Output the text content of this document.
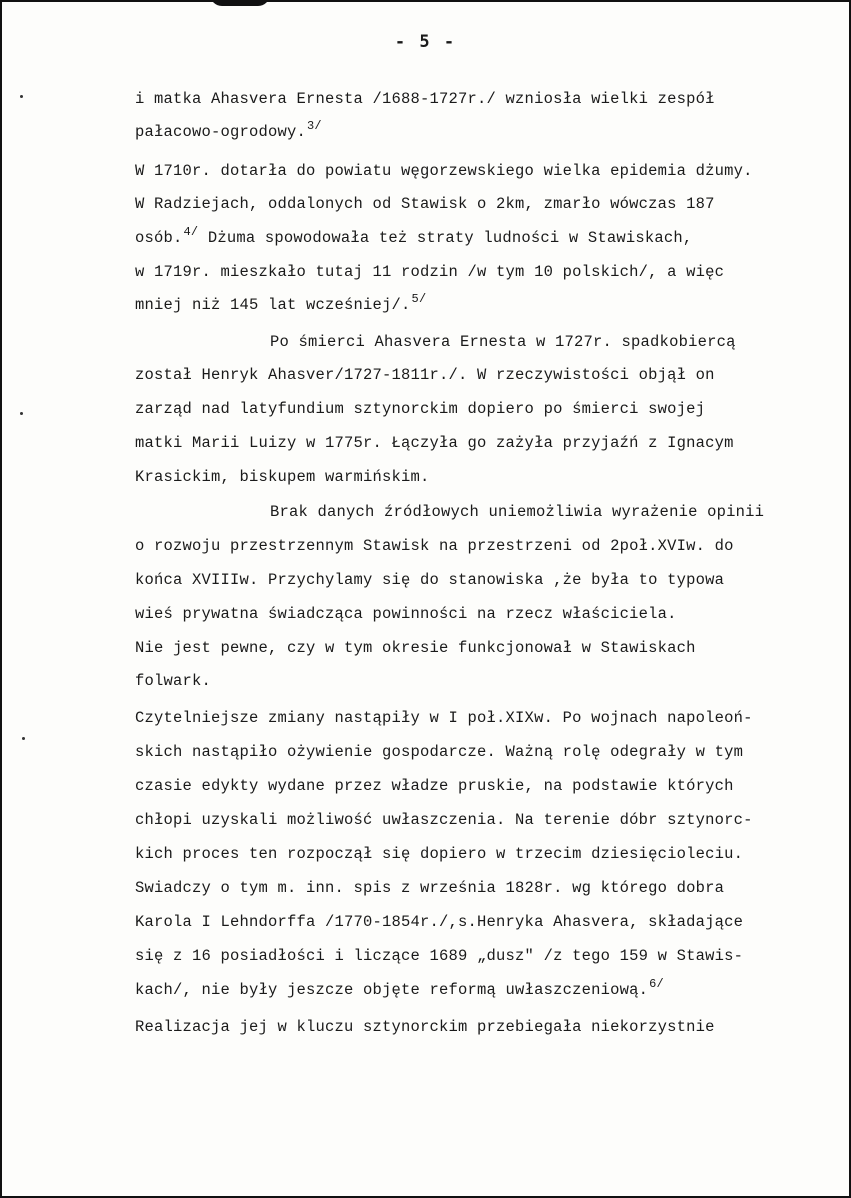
- 5 -
i matka Ahasvera Ernesta /1688-1727r./ wzniosła wielki zespół
pałacowo-ogrodowy.$^{3/}$
W 1710r. dotarła do powiatu węgorzewskiego wielka epidemia dżumy.
W Radziejach, oddalonych od Stawisk o 2km, zmarło wówczas 187
osób.$^{4/}$ Dżuma spowodowała też straty ludności w Stawiskach,
w 1719r. mieszkało tutaj 11 rodzin /w tym 10 polskich/, a więc
mniej niż 145 lat wcześniej/.$^{5/}$
Po śmierci Ahasvera Ernesta w 1727r. spadkobiercą
został Henryk Ahasver/1727-1811r./. W rzeczywistości objął on
zarząd nad latyfundium sztynorckim dopiero po śmierci swojej
matki Marii Luizy w 1775r. Łączyła go zażyła przyjaźń z Ignacym
Krasickim, biskupem warmińskim.
Brak danych źródłowych uniemożliwia wyrażenie opinii
o rozwoju przestrzennym Stawisk na przestrzeni od 2poł.XVIw. do
końca XVIIIw. Przychylamy się do stanowiska ,że była to typowa
wieś prywatna świadcząca powinności na rzecz właściciela.
Nie jest pewne, czy w tym okresie funkcjonował w Stawiskach
folwark.
Czytelniejsze zmiany nastąpiły w I poł.XIXw. Po wojnach napoleoń-
skich nastąpiło ożywienie gospodarcze. Ważną rolę odegrały w tym
czasie edykty wydane przez władze pruskie, na podstawie których
chłopi uzyskali możliwość uwłaszczenia. Na terenie dóbr sztynorc-
kich proces ten rozpoczął się dopiero w trzecim dziesięcioleciu.
Swiadczy o tym m. inn. spis z września 1828r. wg którego dobra
Karola I Lehndorffa /1770-1854r./,s.Henryka Ahasvera, składające
się z 16 posiadłości i liczące 1689 „dusz" /z tego 159 w Stawis-
kach/, nie były jeszcze objęte reformą uwłaszczeniową.$^{6/}$
Realizacja jej w kluczu sztynorckim przebiegała niekorzystnie
